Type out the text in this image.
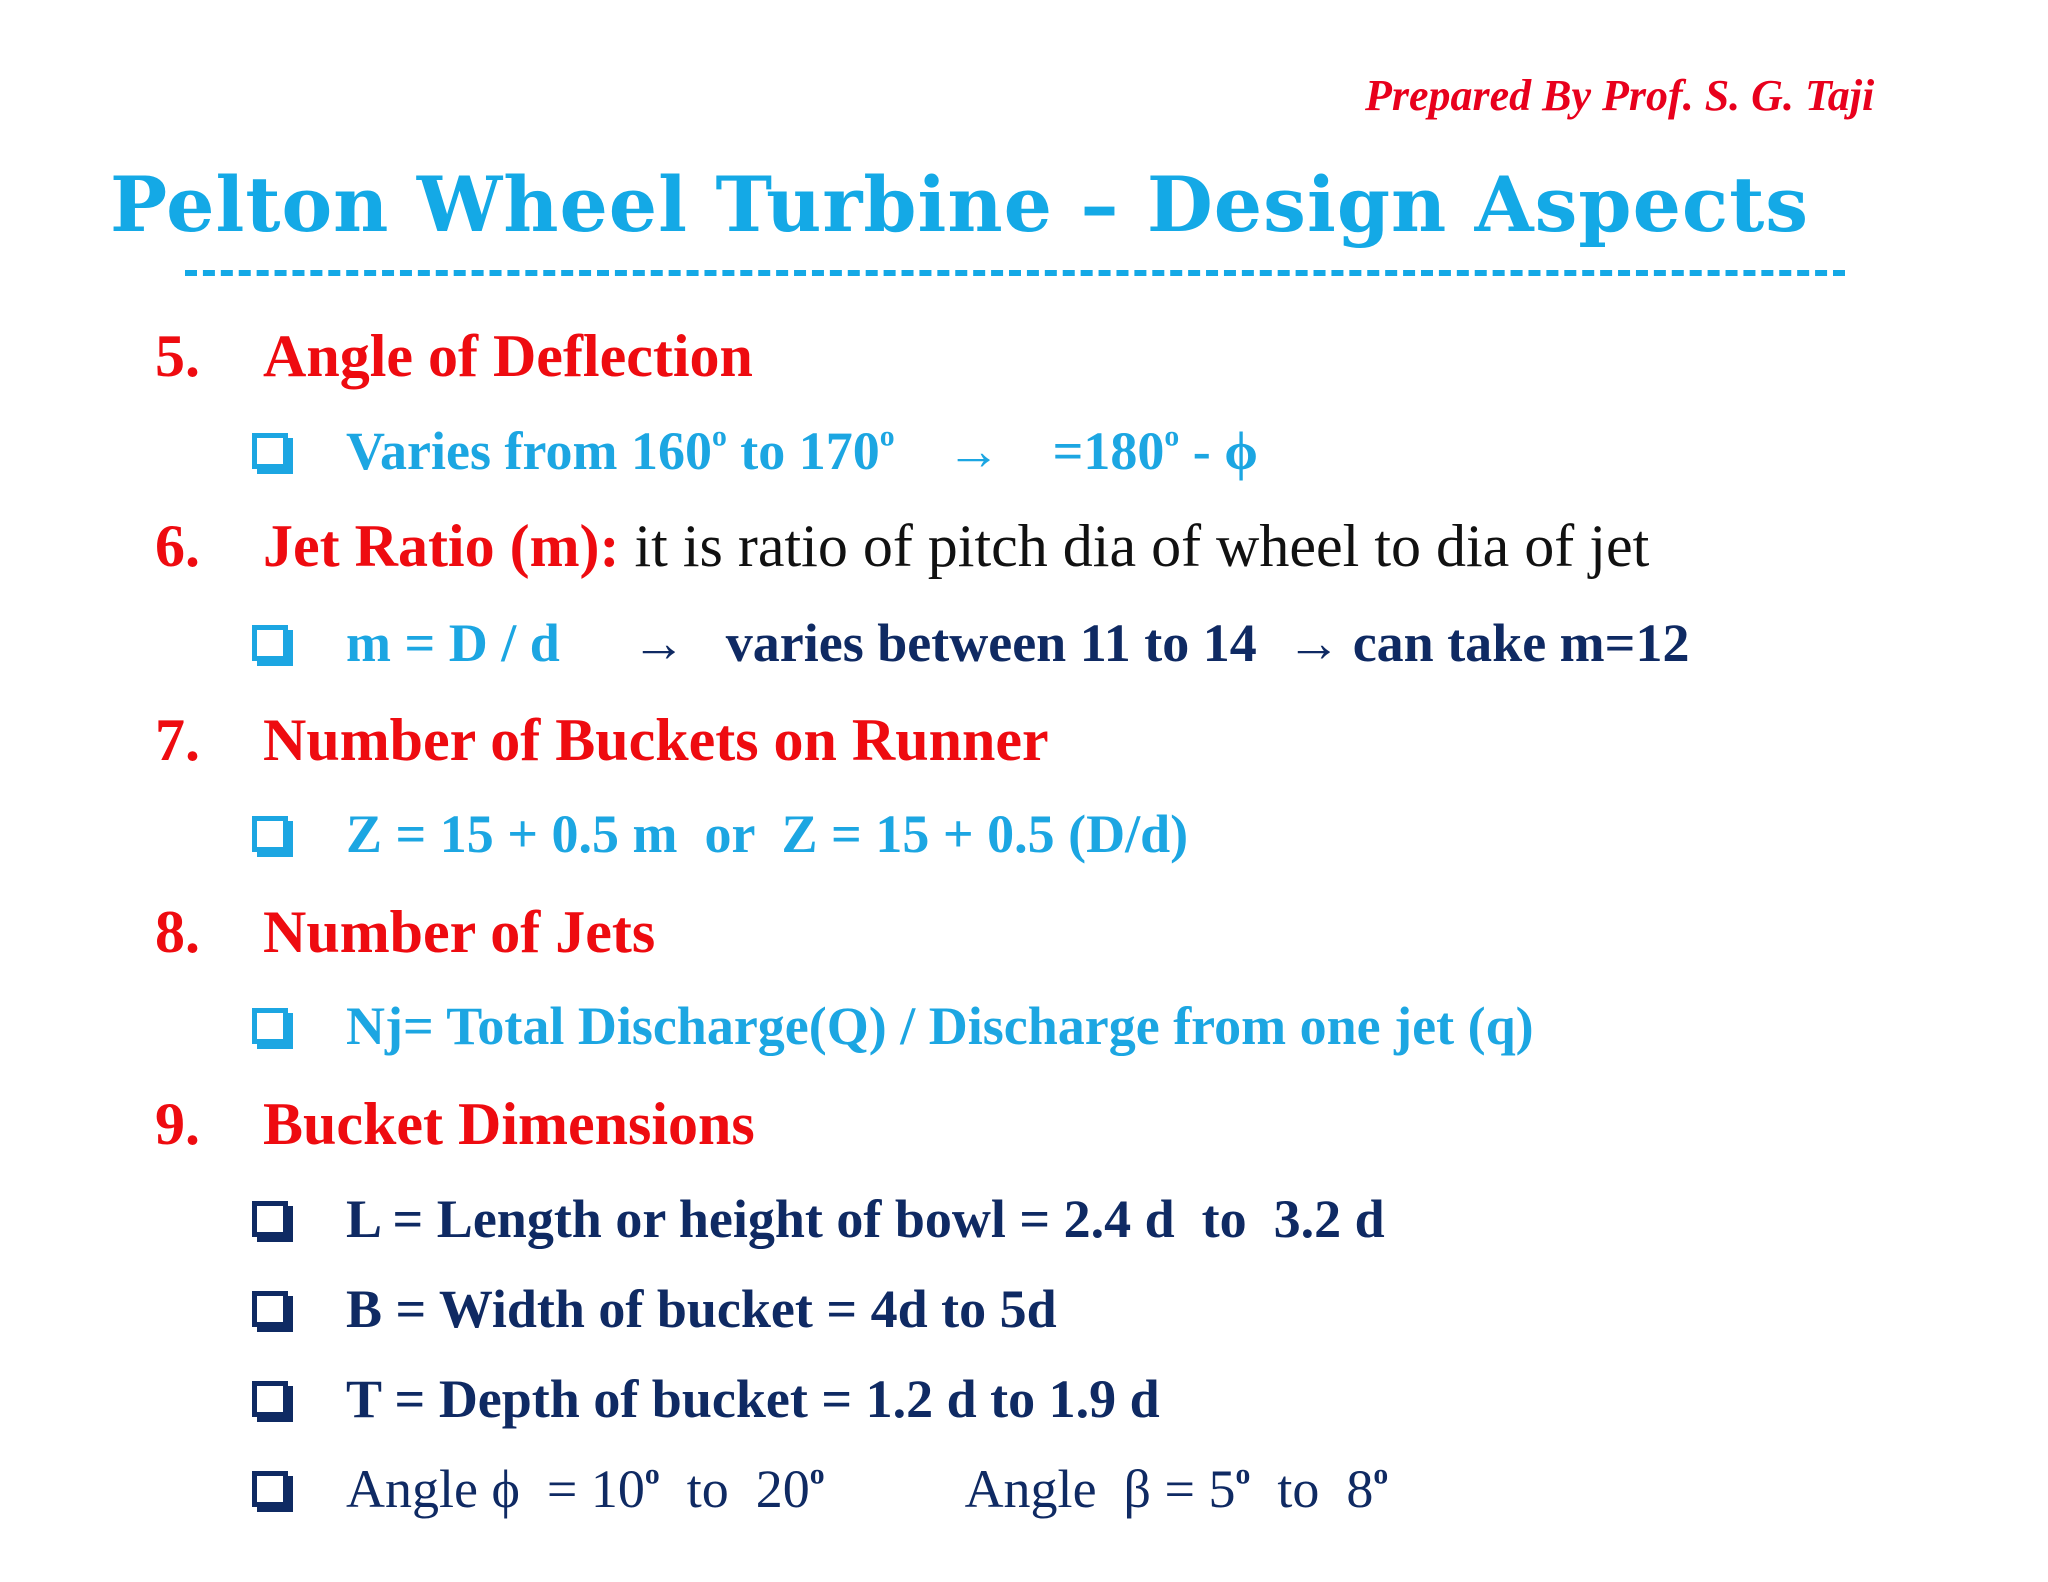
Prepared By Prof. S. G. Taji
Pelton Wheel Turbine – Design Aspects
5. Angle of Deflection
Varies from 160$^o$ to $170^o \to =180^o - \phi$
6. Jet Ratio (m): it is ratio of pitch dia of wheel to dia of jet
m = D / d → varies between 11 to 14 → can take m=12
7. Number of Buckets on Runner
Z = 15 + 0.5 m  or  Z = 15 + 0.5 (D/d)
8. Number of Jets
Nj= Total Discharge(Q) / Discharge from one jet (q)
9. Bucket Dimensions
L = Length or height of bowl = 2.4 d  to  3.2 d
B = Width of bucket = 4d to 5d
T = Depth of bucket = 1.2 d to 1.9 d
Angle $\phi = 10^o$  to  20$^o$	Angle  $\beta = 5^o$  to  8$^o$
